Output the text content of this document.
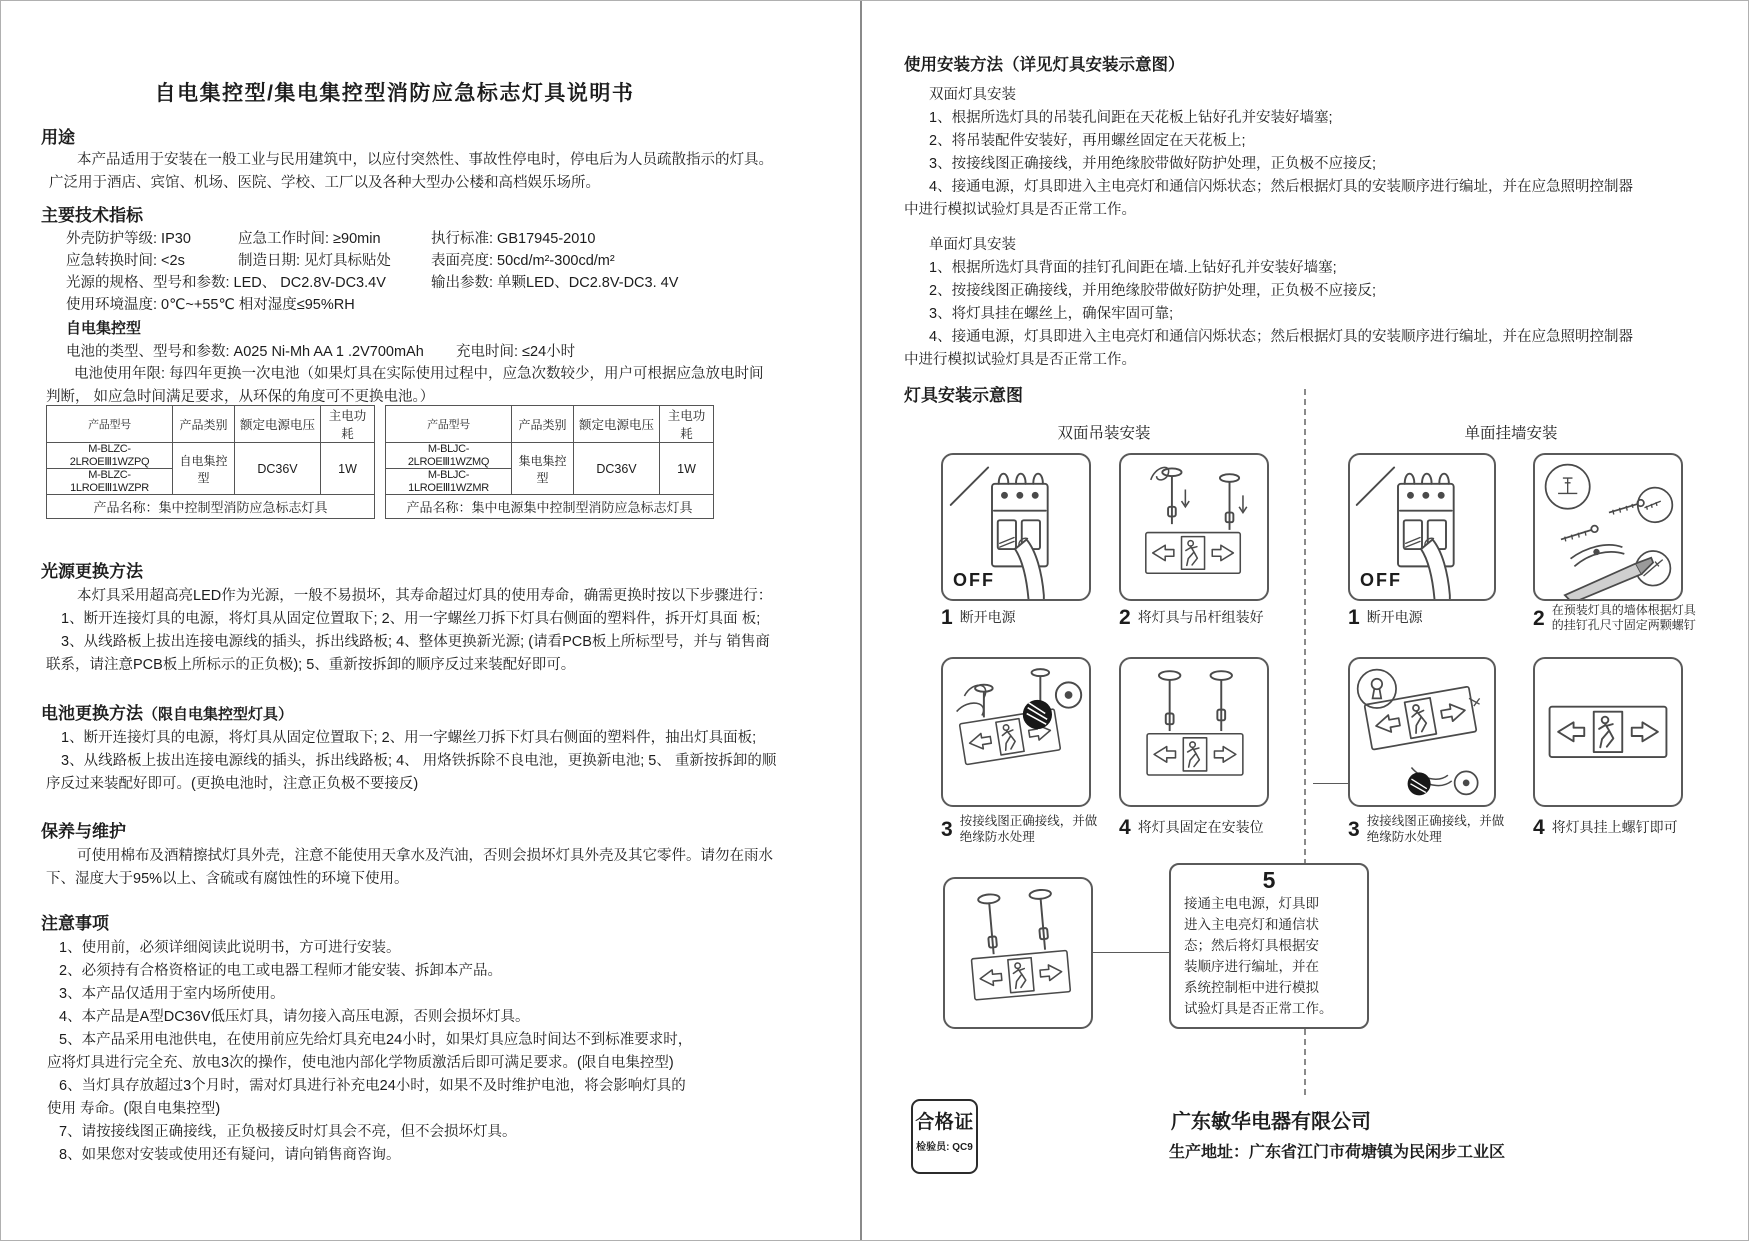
自电集控型/集电集控型消防应急标志灯具说明书
用途
本产品适用于安装在一般工业与民用建筑中，以应付突然性、事故性停电时，停电后为人员疏散指示的灯具。
广泛用于酒店、宾馆、机场、医院、学校、工厂以及各种大型办公楼和高档娱乐场所。
主要技术指标
外壳防护等级: IP30	应急工作时间: ≥90min	执行标准: GB17945-2010
应急转换时间: <2s	制造日期: 见灯具标贴处	表面亮度: 50cd/m²-300cd/m²
光源的规格、型号和参数: LED、 DC2.8V-DC3.4V	输出参数: 单颗LED、DC2.8V-DC3. 4V
使用环境温度: 0℃~+55℃ 相对湿度≤95%RH
自电集控型
电池的类型、型号和参数: A025 Ni-Mh AA 1 .2V700mAh 充电时间: ≤24小时
电池使用年限: 每四年更换一次电池（如果灯具在实际使用过程中，应急次数较少，用户可根据应急放电时间
判断， 如应急时间满足要求，从环保的角度可不更换电池。）
产品型号	产品类别	额定电源电压	主电功耗
M-BLZC-2LROEⅢ1WZPQ	自电集控型	DC36V	1W
M-BLZC-1LROEⅢ1WZPR			
产品名称：集中控制型消防应急标志灯具			
产品型号	产品类别	额定电源电压	主电功耗
M-BLJC-2LROEⅢ1WZMQ	集电集控型	DC36V	1W
M-BLJC-1LROEⅢ1WZMR			
产品名称：集中电源集中控制型消防应急标志灯具			
光源更换方法
本灯具采用超高亮LED作为光源，一般不易损坏，其寿命超过灯具的使用寿命，确需更换时按以下步骤进行：
1、断开连接灯具的电源，将灯具从固定位置取下; 2、用一字螺丝刀拆下灯具右侧面的塑料件，拆开灯具面 板;
3、从线路板上拔出连接电源线的插头，拆出线路板; 4、整体更换新光源; (请看PCB板上所标型号，并与 销售商
联系，请注意PCB板上所标示的正负极); 5、重新按拆卸的顺序反过来装配好即可。
电池更换方法（限自电集控型灯具）
1、断开连接灯具的电源，将灯具从固定位置取下; 2、用一字螺丝刀拆下灯具右侧面的塑料件，抽出灯具面板;
3、从线路板上拔出连接电源线的插头，拆出线路板; 4、 用烙铁拆除不良电池，更换新电池; 5、 重新按拆卸的顺
序反过来装配好即可。(更换电池时，注意正负极不要接反)
保养与维护
可使用棉布及酒精擦拭灯具外壳，注意不能使用天拿水及汽油，否则会损坏灯具外壳及其它零件。请勿在雨水
下、湿度大于95%以上、含硫或有腐蚀性的环境下使用。
注意事项
1、使用前，必须详细阅读此说明书，方可进行安装。
2、必须持有合格资格证的电工或电器工程师才能安装、拆卸本产品。
3、本产品仅适用于室内场所使用。
4、本产品是A型DC36V低压灯具，请勿接入高压电源，否则会损坏灯具。
5、本产品采用电池供电，在使用前应先给灯具充电24小时，如果灯具应急时间达不到标准要求时，
应将灯具进行完全充、放电3次的操作，使电池内部化学物质激活后即可满足要求。(限自电集控型)
6、当灯具存放超过3个月时，需对灯具进行补充电24小时，如果不及时维护电池，将会影响灯具的
使用 寿命。(限自电集控型)
7、请按接线图正确接线，正负极接反时灯具会不亮，但不会损坏灯具。
8、如果您对安装或使用还有疑问，请向销售商咨询。
使用安装方法（详见灯具安装示意图）
双面灯具安装
1、根据所选灯具的吊装孔间距在天花板上钻好孔并安装好墙塞;
2、将吊装配件安装好，再用螺丝固定在天花板上;
3、按接线图正确接线，并用绝缘胶带做好防护处理，正负极不应接反;
4、接通电源，灯具即进入主电亮灯和通信闪烁状态；然后根据灯具的安装顺序进行编址，并在应急照明控制器
中进行模拟试验灯具是否正常工作。
单面灯具安装
1、根据所选灯具背面的挂钉孔间距在墙.上钻好孔并安装好墙塞;
2、按接线图正确接线，并用绝缘胶带做好防护处理，正负极不应接反;
3、将灯具挂在螺丝上，确保牢固可靠;
4、接通电源，灯具即进入主电亮灯和通信闪烁状态；然后根据灯具的安装顺序进行编址，并在应急照明控制器
中进行模拟试验灯具是否正常工作。
灯具安装示意图
双面吊装安装	单面挂墙安装
OFF
1 断开电源	2 将灯具与吊杆组装好
3 按接线图正确接线，并做
绝缘防水处理	4 将灯具固定在安装位
5
接通主电电源，灯具即
进入主电亮灯和通信状
态；然后将灯具根据安
装顺序进行编址，并在
系统控制柜中进行模拟
试验灯具是否正常工作。
OFF
1 断开电源	2 在预装灯具的墙体根据灯具
的挂钉孔尺寸固定两颗螺钉
3 按接线图正确接线，并做
绝缘防水处理	4 将灯具挂上螺钉即可
合格证
检验员: QC9
广东敏华电器有限公司
生产地址：广东省江门市荷塘镇为民闲步工业区
